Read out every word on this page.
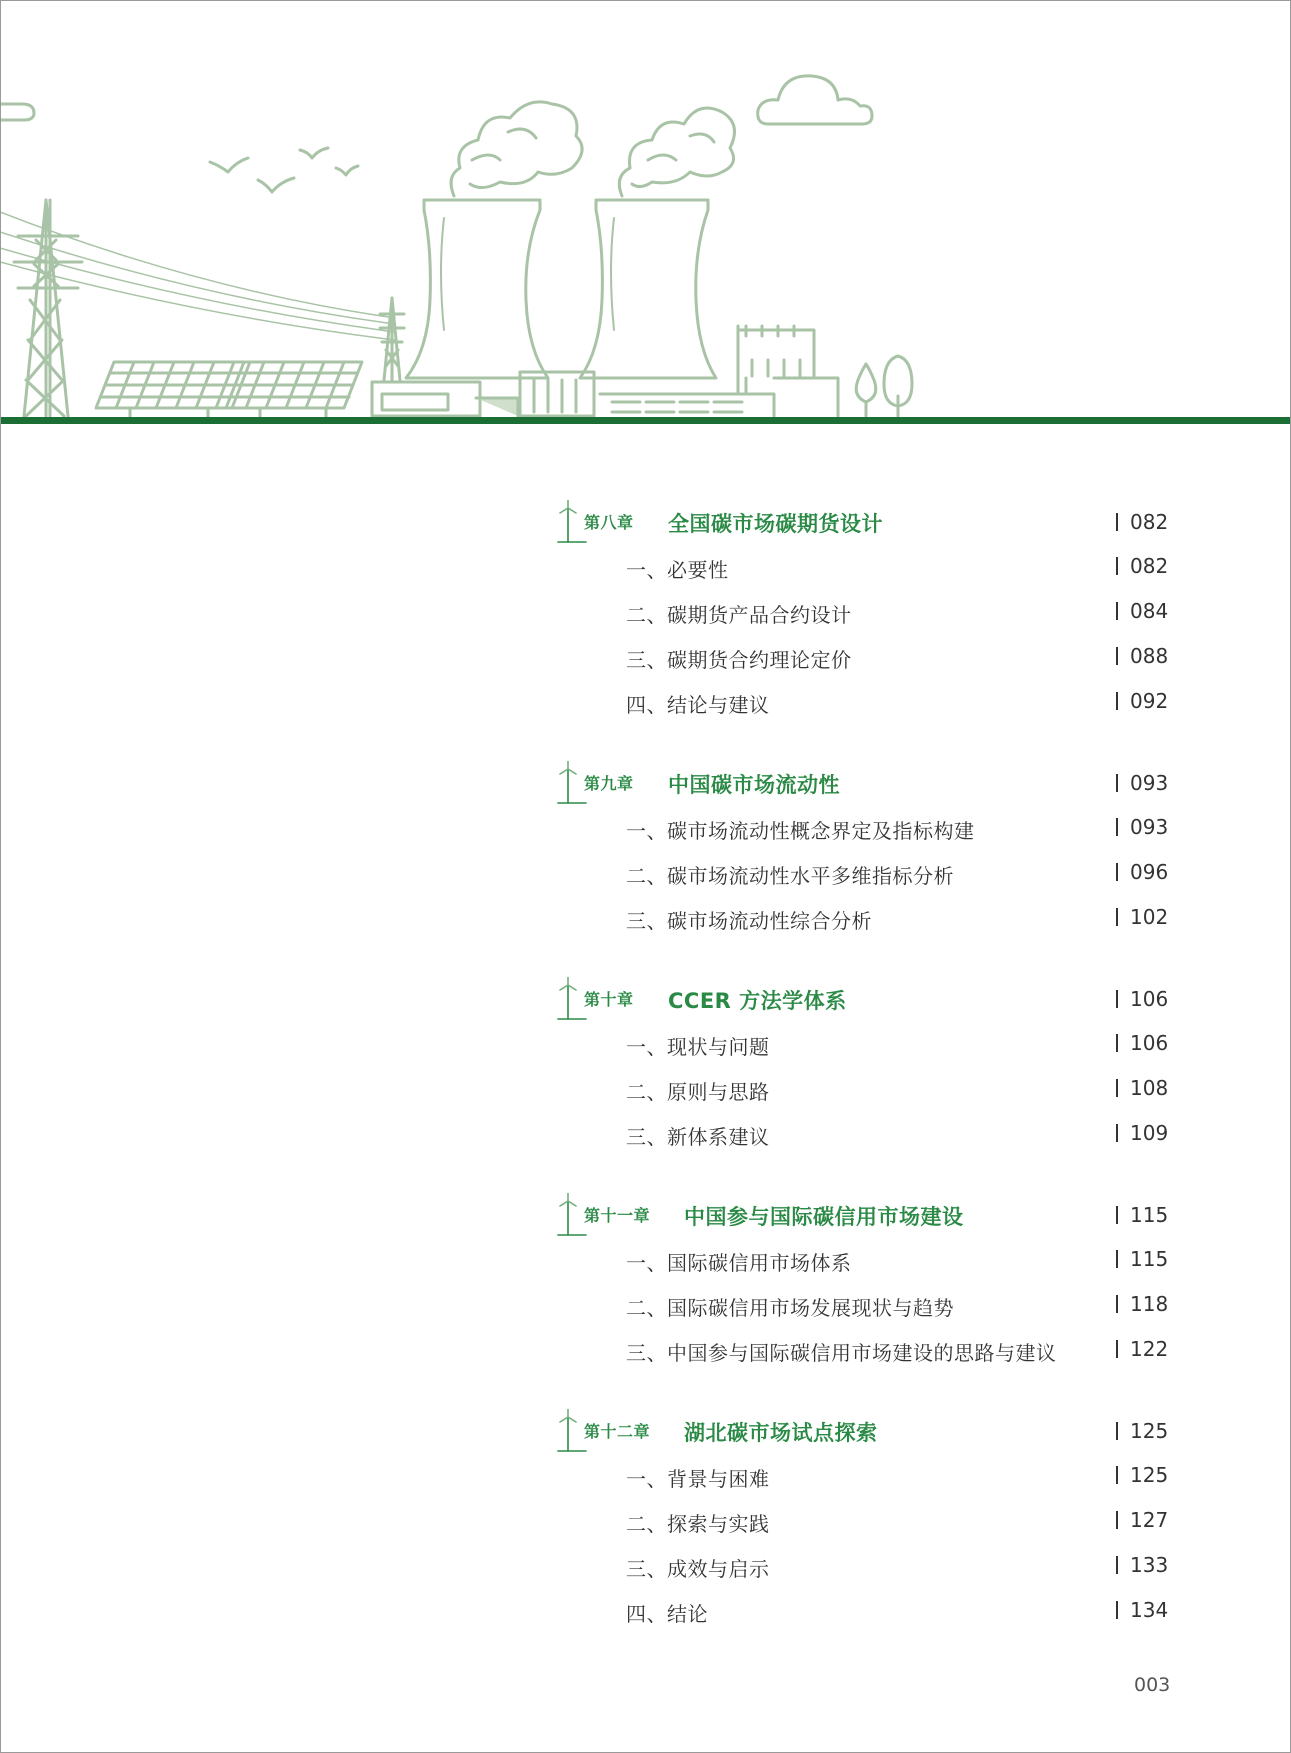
第八章 全国碳市场碳期货设计	082
一、必要性	082
二、碳期货产品合约设计	084
三、碳期货合约理论定价	088
四、结论与建议	092
第九章 中国碳市场流动性	093
一、碳市场流动性概念界定及指标构建	093
二、碳市场流动性水平多维指标分析	096
三、碳市场流动性综合分析	102
第十章 CCER 方法学体系	106
一、现状与问题	106
二、原则与思路	108
三、新体系建议	109
第十一章 中国参与国际碳信用市场建设	115
一、国际碳信用市场体系	115
二、国际碳信用市场发展现状与趋势	118
三、中国参与国际碳信用市场建设的思路与建议	122
第十二章 湖北碳市场试点探索	125
一、背景与困难	125
二、探索与实践	127
三、成效与启示	133
四、结论	134
003
